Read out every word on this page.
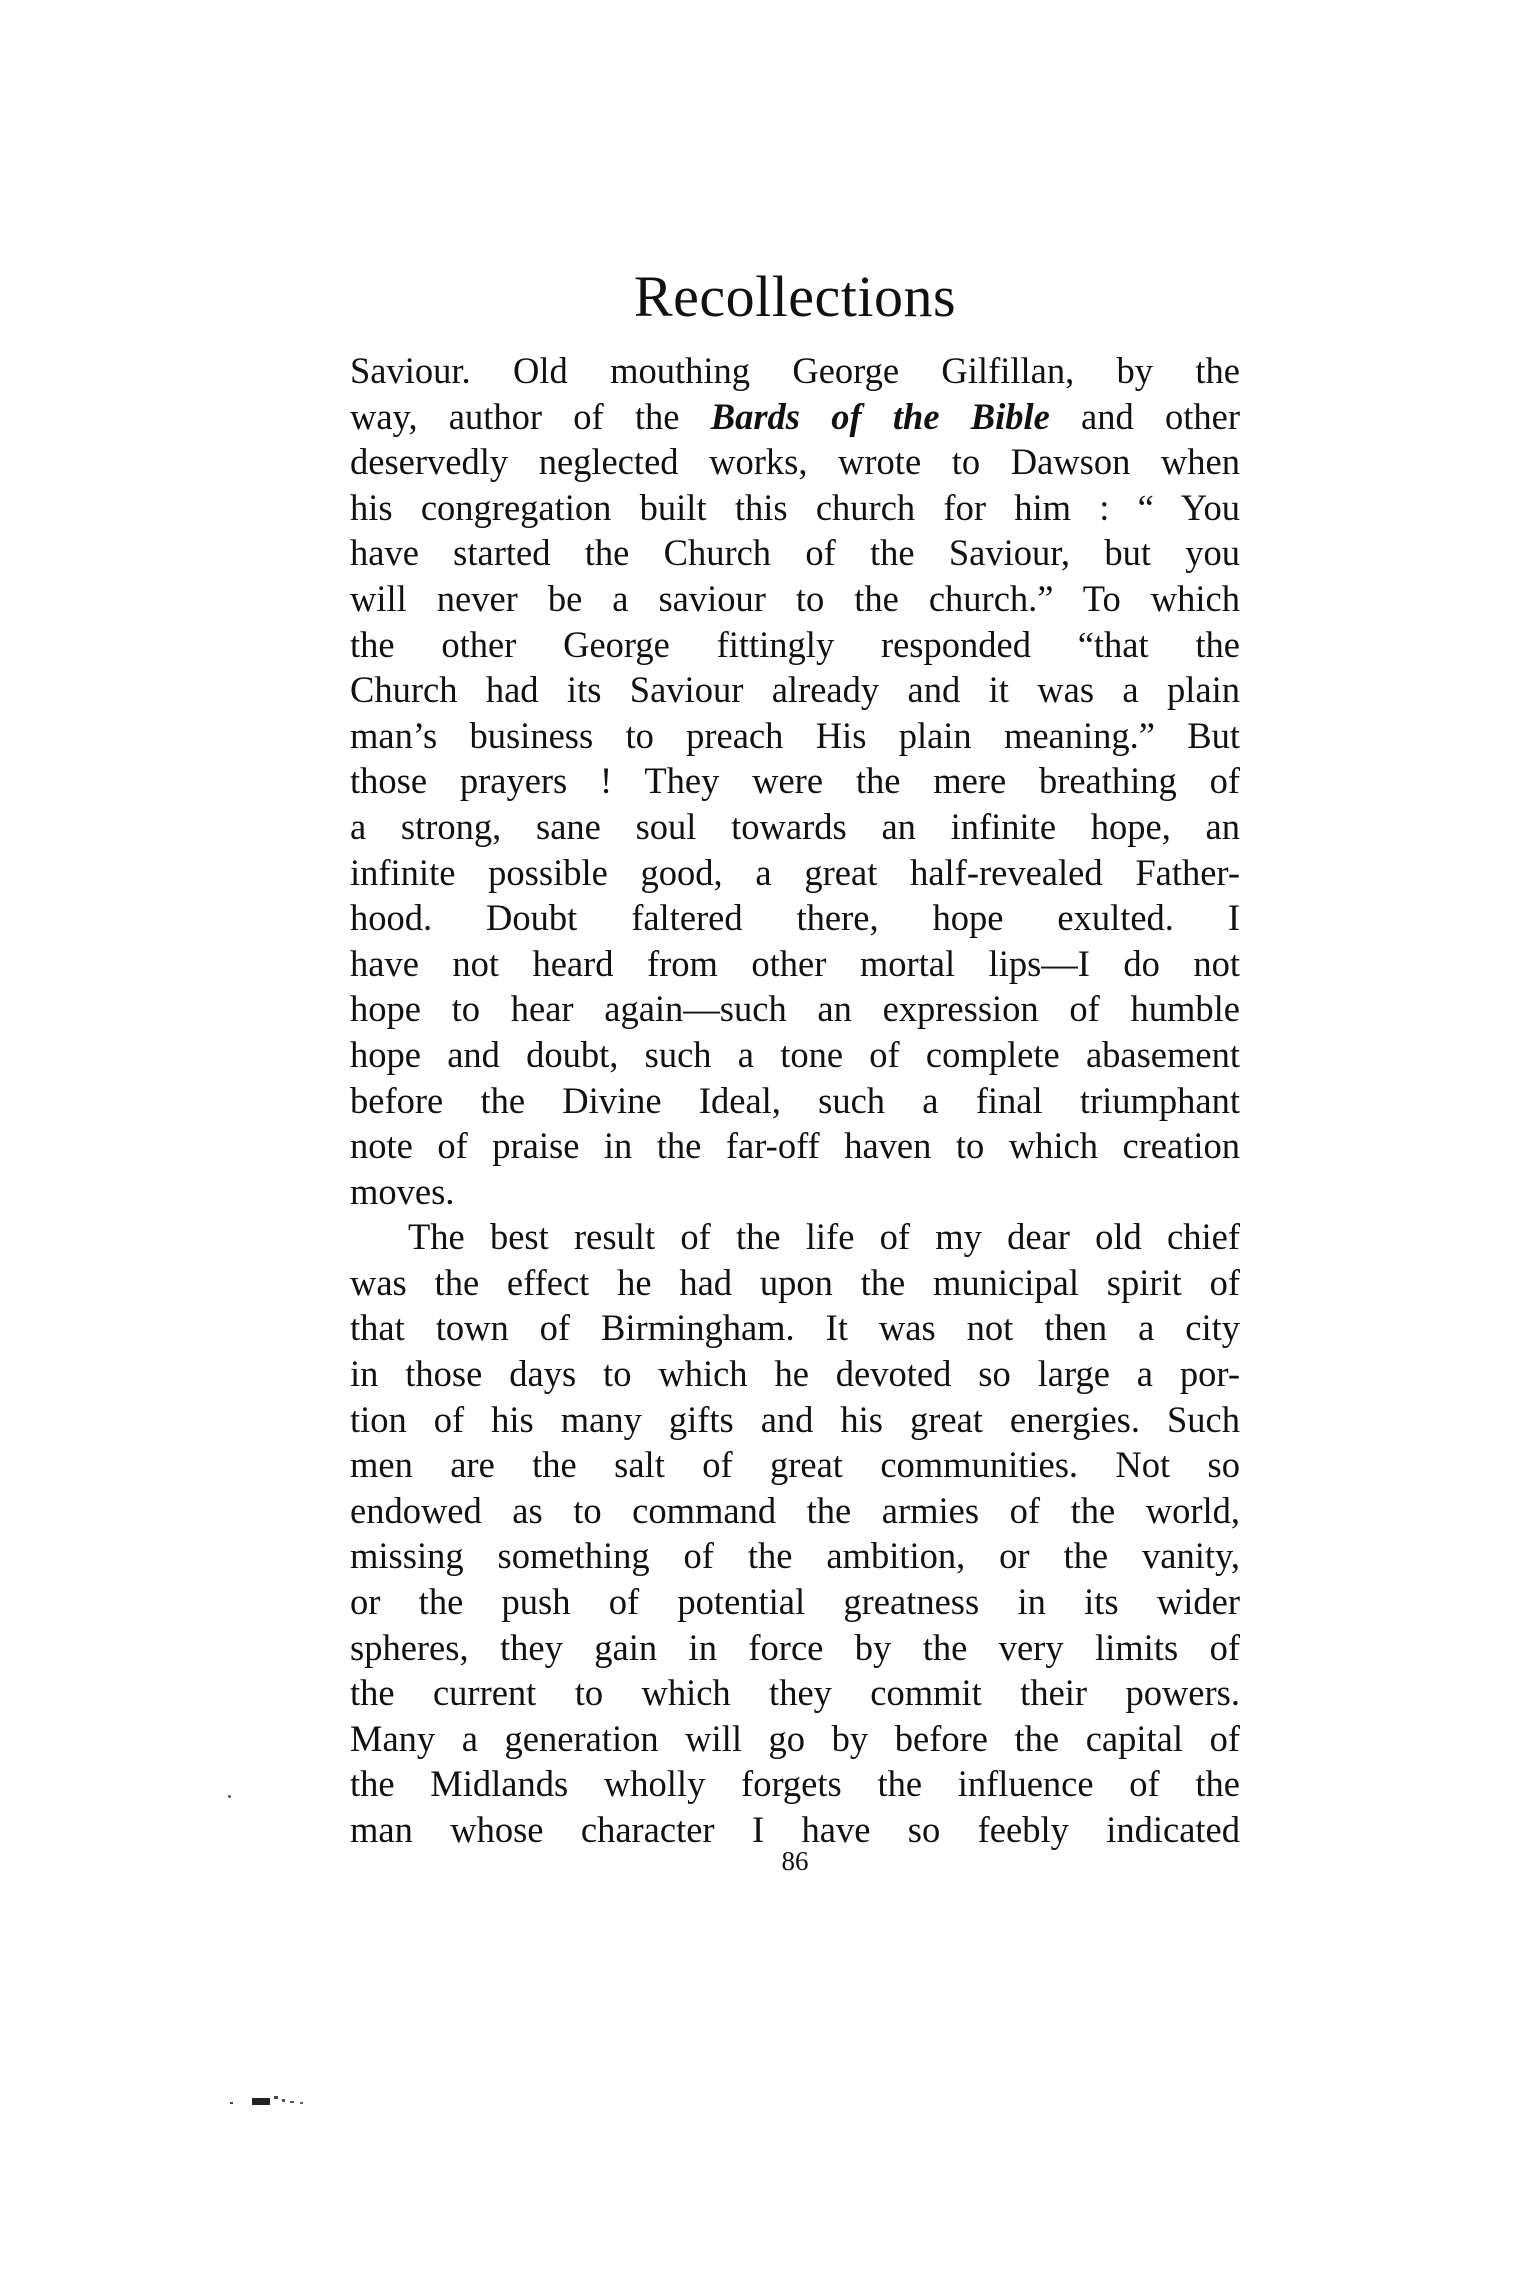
Recollections
Saviour. Old mouthing George Gilfillan, by the
way, author of the Bards of the Bible and other
deservedly neglected works, wrote to Dawson when
his congregation built this church for him : “ You
have started the Church of the Saviour, but you
will never be a saviour to the church.” To which
the other George fittingly responded “that the
Church had its Saviour already and it was a plain
man’s business to preach His plain meaning.” But
those prayers ! They were the mere breathing of
a strong, sane soul towards an infinite hope, an
infinite possible good, a great half-revealed Father-
hood. Doubt faltered there, hope exulted. I
have not heard from other mortal lips—I do not
hope to hear again—such an expression of humble
hope and doubt, such a tone of complete abasement
before the Divine Ideal, such a final triumphant
note of praise in the far-off haven to which creation
moves.
The best result of the life of my dear old chief
was the effect he had upon the municipal spirit of
that town of Birmingham. It was not then a city
in those days to which he devoted so large a por-
tion of his many gifts and his great energies. Such
men are the salt of great communities. Not so
endowed as to command the armies of the world,
missing something of the ambition, or the vanity,
or the push of potential greatness in its wider
spheres, they gain in force by the very limits of
the current to which they commit their powers.
Many a generation will go by before the capital of
the Midlands wholly forgets the influence of the
man whose character I have so feebly indicated
86
